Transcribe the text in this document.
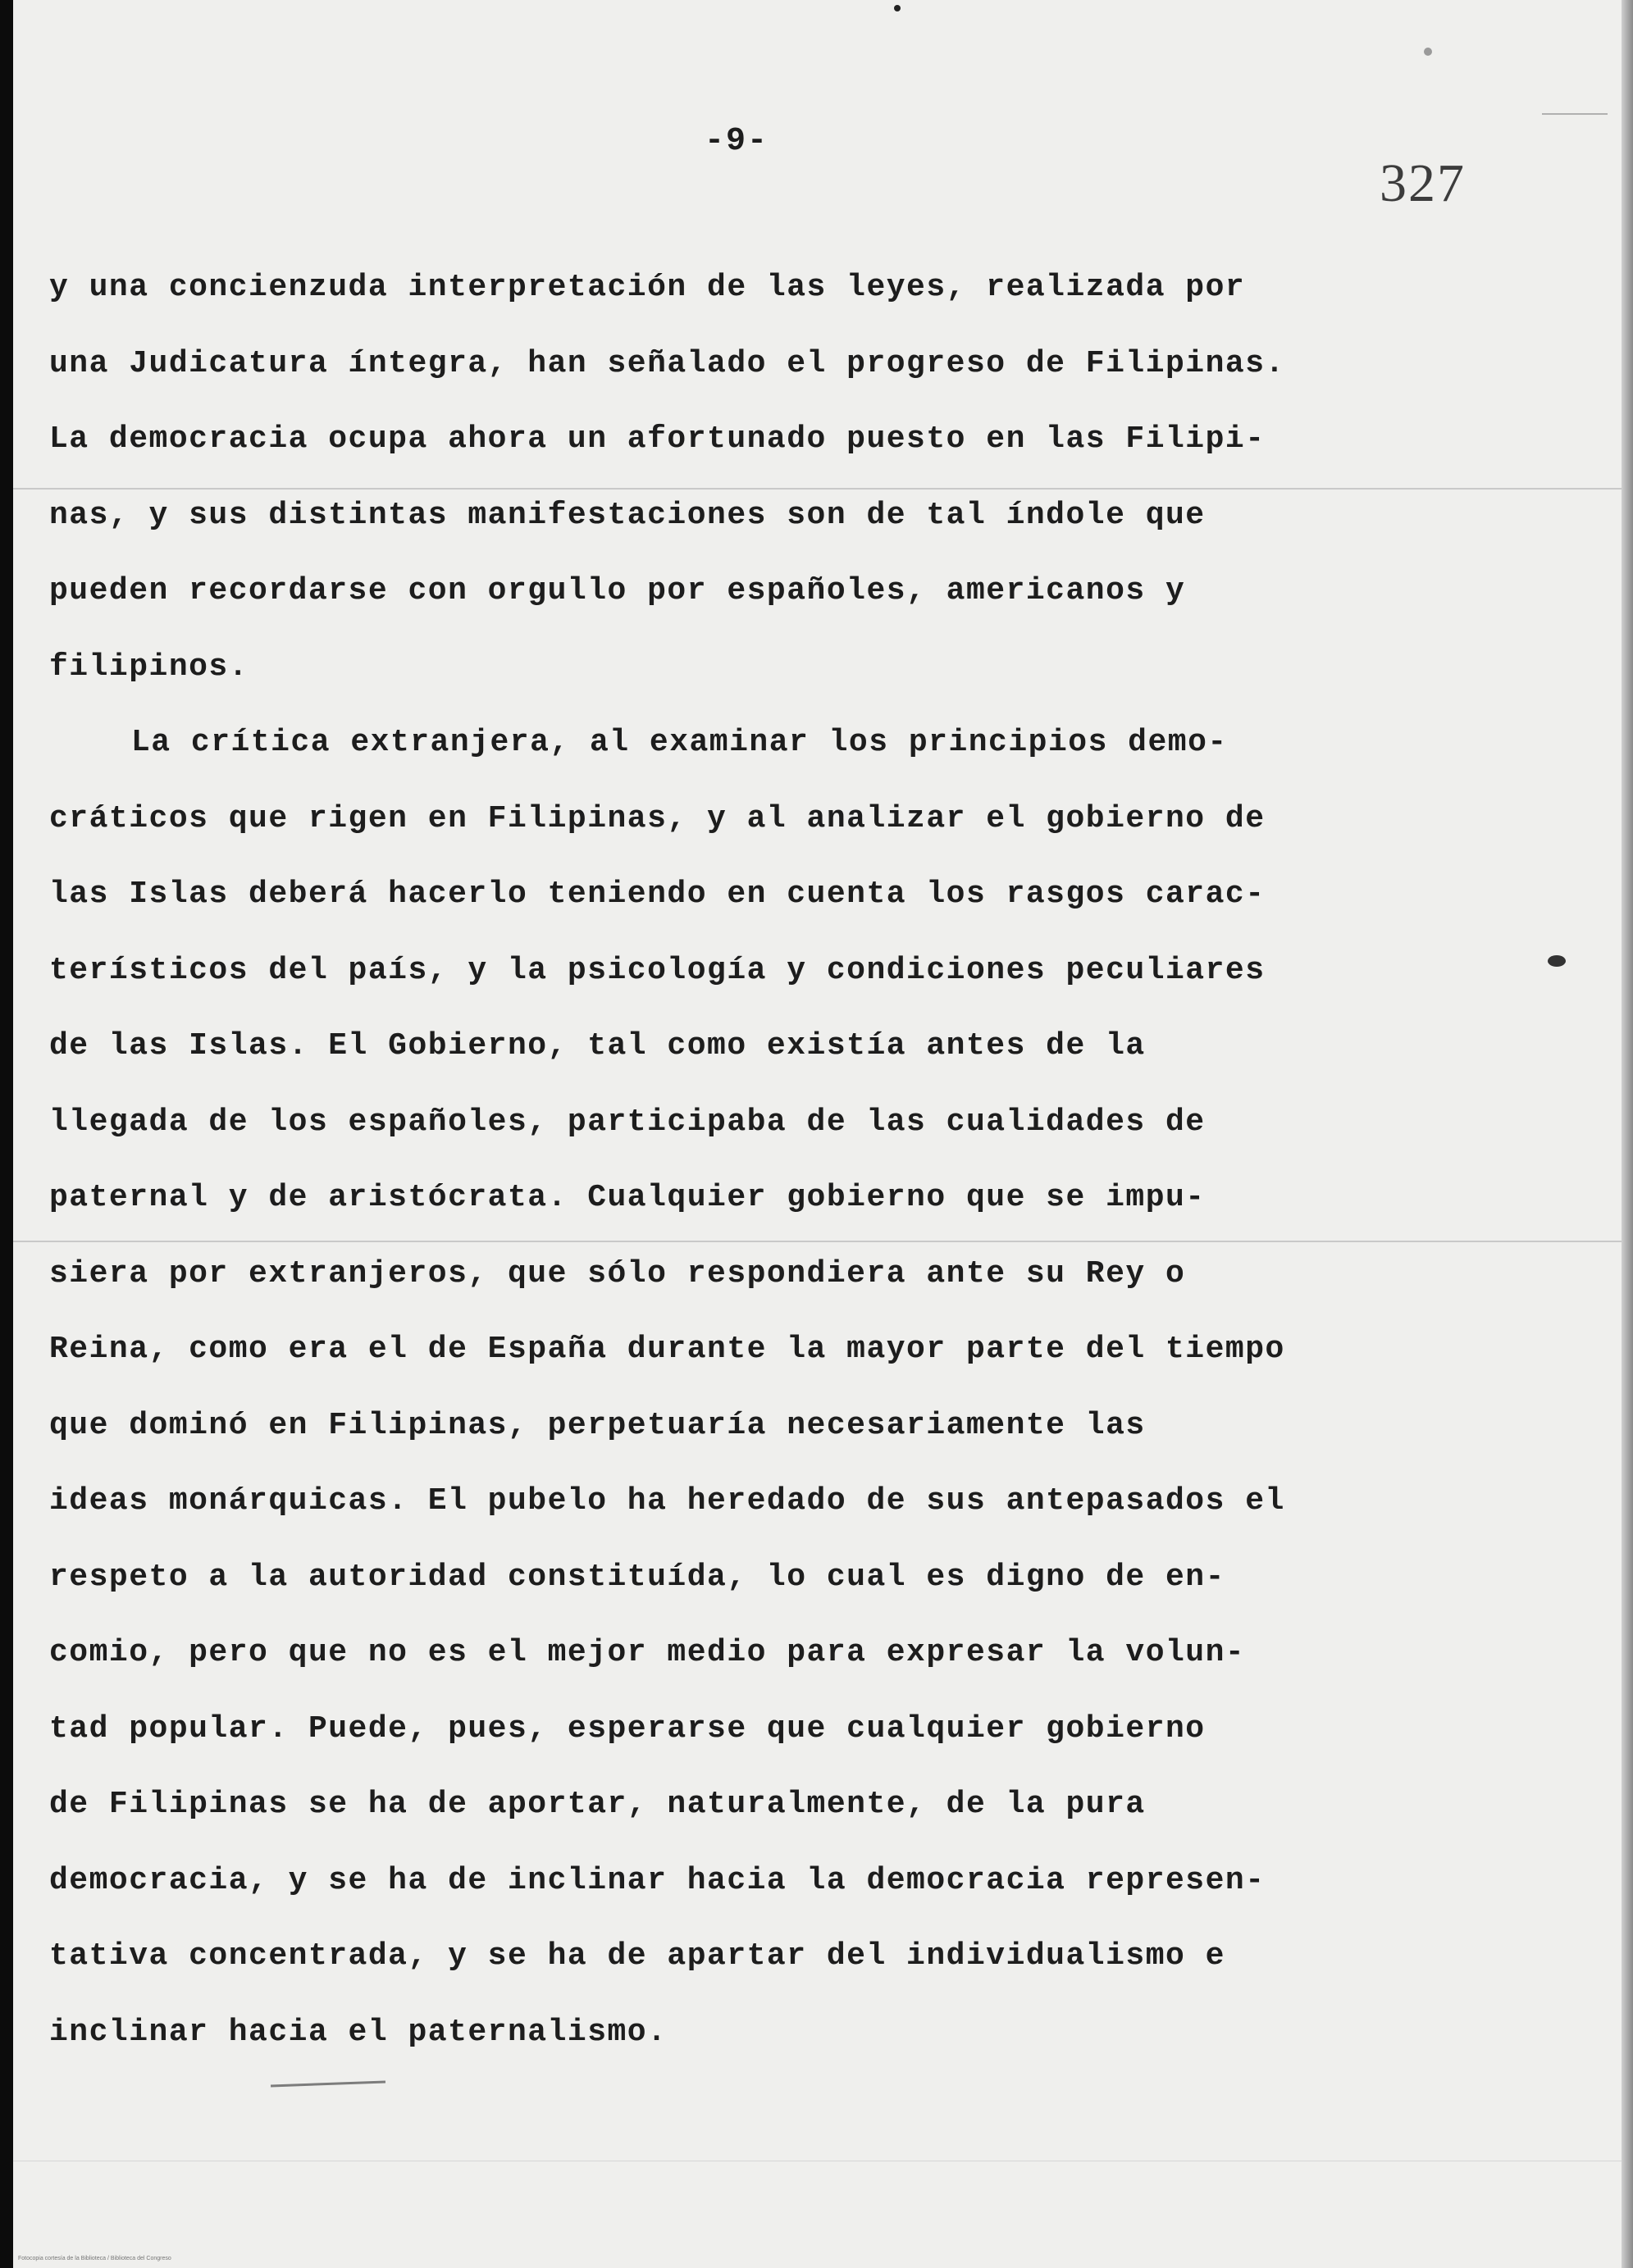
-9-
327
y una concienzuda interpretación de las leyes, realizada por
una Judicatura íntegra, han señalado el progreso de Filipinas.
La democracia ocupa ahora un afortunado puesto en las Filipi-
nas, y sus distintas manifestaciones son de tal índole que
pueden recordarse con orgullo por españoles, americanos y
filipinos.
La crítica extranjera, al examinar los principios demo-
cráticos que rigen en Filipinas, y al analizar el gobierno de
las Islas deberá hacerlo teniendo en cuenta los rasgos carac-
terísticos del país, y la psicología y condiciones peculiares
de las Islas. El Gobierno, tal como existía antes de la
llegada de los españoles, participaba de las cualidades de
paternal y de aristócrata. Cualquier gobierno que se impu-
siera por extranjeros, que sólo respondiera ante su Rey o
Reina, como era el de España durante la mayor parte del tiempo
que dominó en Filipinas, perpetuaría necesariamente las
ideas monárquicas. El pubelo ha heredado de sus antepasados el
respeto a la autoridad constituída, lo cual es digno de en-
comio, pero que no es el mejor medio para expresar la volun-
tad popular. Puede, pues, esperarse que cualquier gobierno
de Filipinas se ha de aportar, naturalmente, de la pura
democracia, y se ha de inclinar hacia la democracia represen-
tativa concentrada, y se ha de apartar del individualismo e
inclinar hacia el paternalismo.
Fotocopia cortesía de la Biblioteca / Biblioteca del Congreso
